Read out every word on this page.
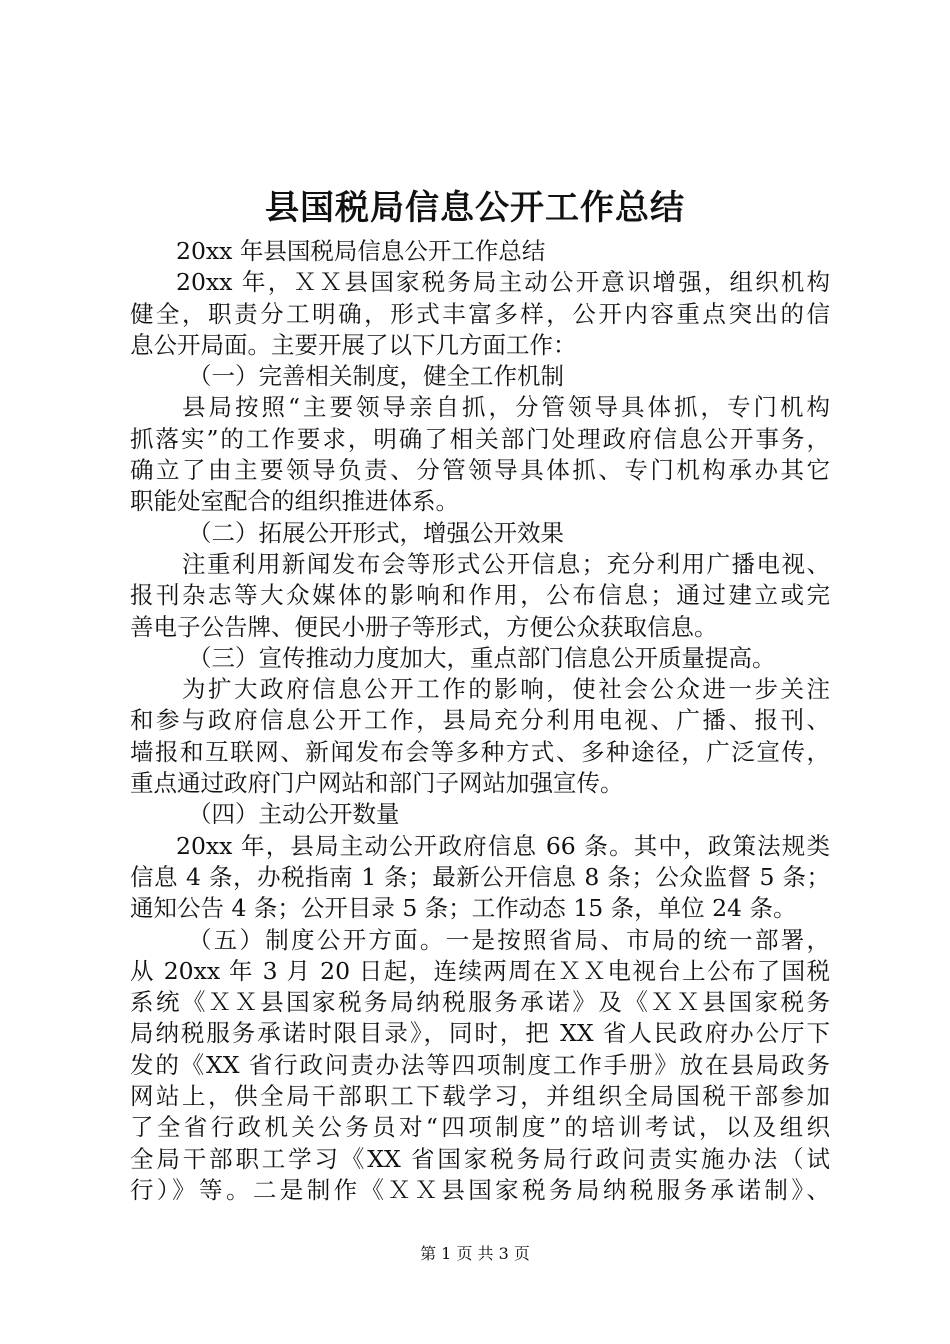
县国税局信息公开工作总结
20xx 年县国税局信息公开工作总结
20xx 年，ＸＸ县国家税务局主动公开意识增强，组织机构
健全，职责分工明确，形式丰富多样，公开内容重点突出的信
息公开局面。主要开展了以下几方面工作：
（一）完善相关制度，健全工作机制
县局按照“主要领导亲自抓，分管领导具体抓，专门机构
抓落实”的工作要求，明确了相关部门处理政府信息公开事务，
确立了由主要领导负责、分管领导具体抓、专门机构承办其它
职能处室配合的组织推进体系。
（二）拓展公开形式，增强公开效果
注重利用新闻发布会等形式公开信息；充分利用广播电视、
报刊杂志等大众媒体的影响和作用，公布信息；通过建立或完
善电子公告牌、便民小册子等形式，方便公众获取信息。
（三）宣传推动力度加大，重点部门信息公开质量提高。
为扩大政府信息公开工作的影响，使社会公众进一步关注
和参与政府信息公开工作，县局充分利用电视、广播、报刊、
墙报和互联网、新闻发布会等多种方式、多种途径，广泛宣传，
重点通过政府门户网站和部门子网站加强宣传。
（四）主动公开数量
20xx 年，县局主动公开政府信息 66 条。其中，政策法规类
信息 4 条，办税指南 1 条；最新公开信息 8 条；公众监督 5 条；
通知公告 4 条；公开目录 5 条；工作动态 15 条，单位 24 条。
（五）制度公开方面。一是按照省局、市局的统一部署，
从 20xx 年 3 月 20 日起，连续两周在ＸＸ电视台上公布了国税
系统《ＸＸ县国家税务局纳税服务承诺》及《ＸＸ县国家税务
局纳税服务承诺时限目录》，同时，把 XX 省人民政府办公厅下
发的《XX 省行政问责办法等四项制度工作手册》放在县局政务
网站上，供全局干部职工下载学习，并组织全局国税干部参加
了全省行政机关公务员对“四项制度”的培训考试，以及组织
全局干部职工学习《XX 省国家税务局行政问责实施办法（试
行）》等。二是制作《ＸＸ县国家税务局纳税服务承诺制》、
第 1 页 共 3 页
